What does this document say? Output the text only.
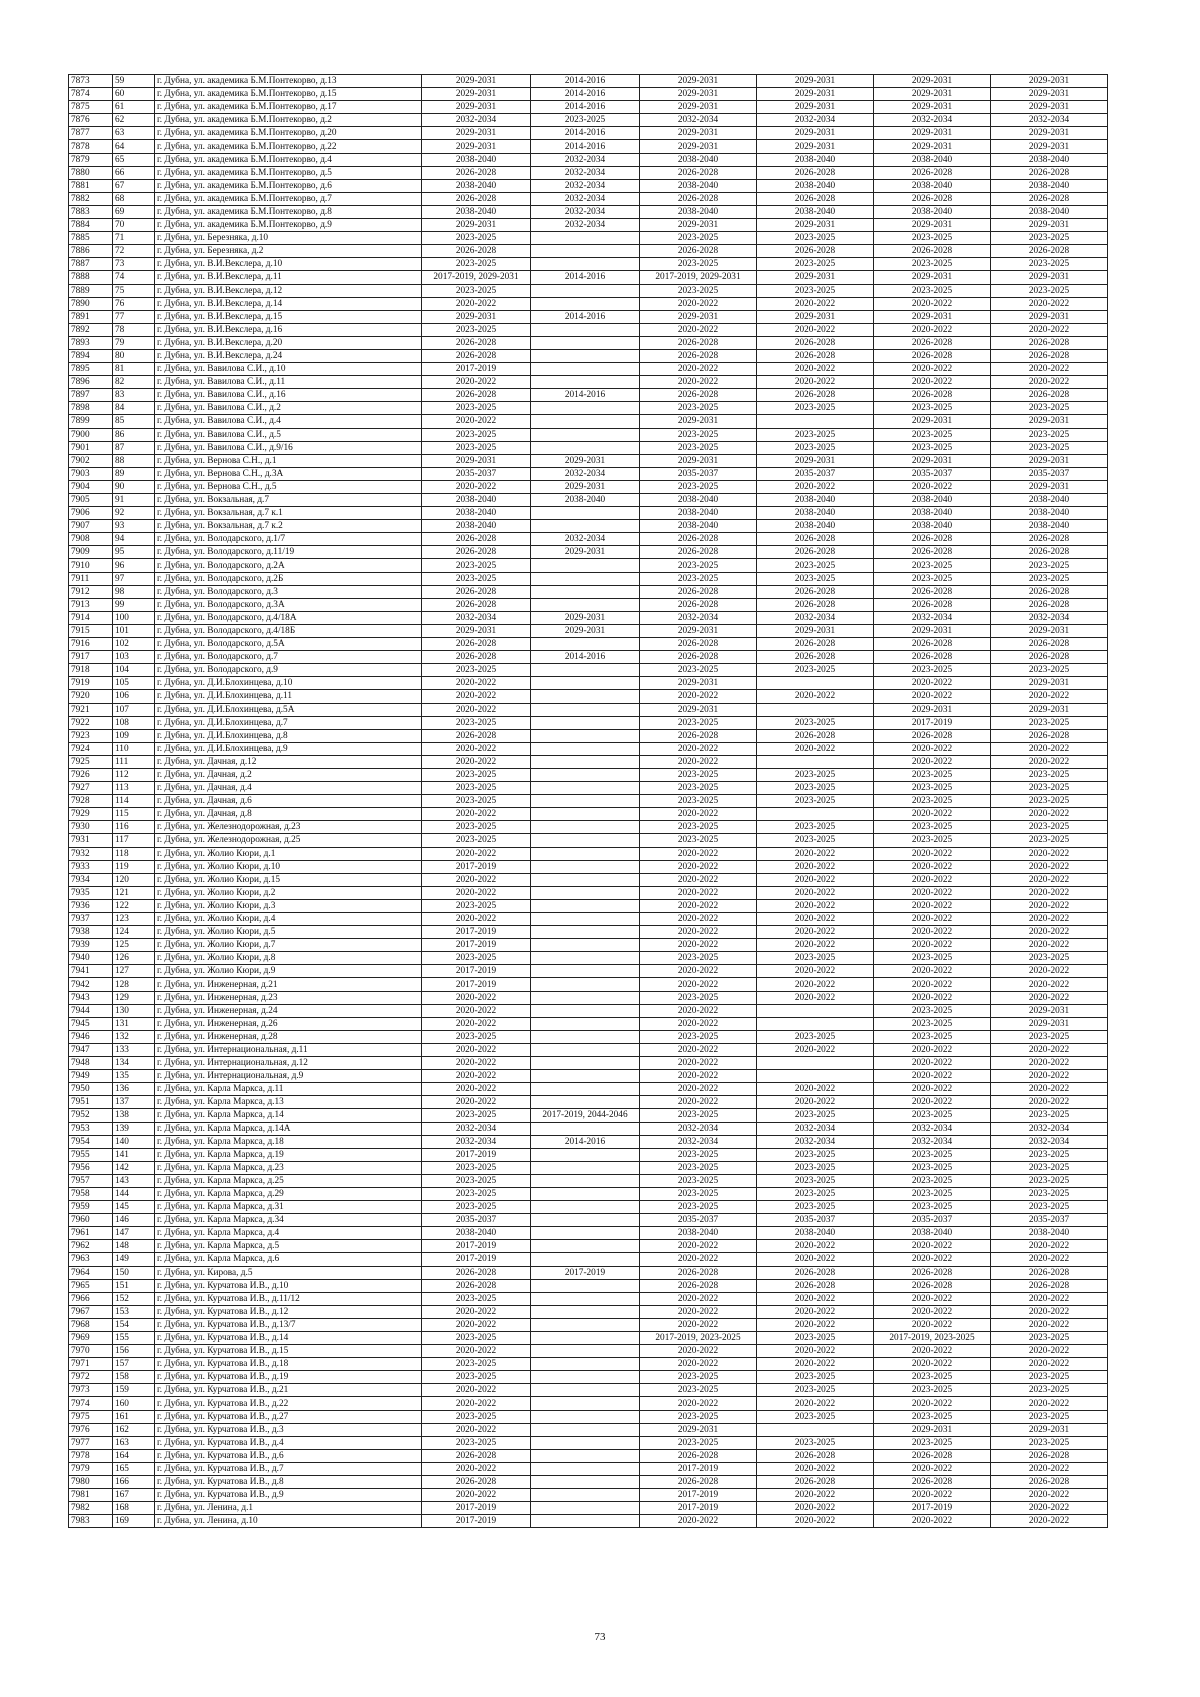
7873	59	г. Дубна, ул. академика Б.М.Понтекорво, д.13	2029-2031	2014-2016	2029-2031	2029-2031	2029-2031	2029-2031
7874	60	г. Дубна, ул. академика Б.М.Понтекорво, д.15	2029-2031	2014-2016	2029-2031	2029-2031	2029-2031	2029-2031
7875	61	г. Дубна, ул. академика Б.М.Понтекорво, д.17	2029-2031	2014-2016	2029-2031	2029-2031	2029-2031	2029-2031
7876	62	г. Дубна, ул. академика Б.М.Понтекорво, д.2	2032-2034	2023-2025	2032-2034	2032-2034	2032-2034	2032-2034
7877	63	г. Дубна, ул. академика Б.М.Понтекорво, д.20	2029-2031	2014-2016	2029-2031	2029-2031	2029-2031	2029-2031
7878	64	г. Дубна, ул. академика Б.М.Понтекорво, д.22	2029-2031	2014-2016	2029-2031	2029-2031	2029-2031	2029-2031
7879	65	г. Дубна, ул. академика Б.М.Понтекорво, д.4	2038-2040	2032-2034	2038-2040	2038-2040	2038-2040	2038-2040
7880	66	г. Дубна, ул. академика Б.М.Понтекорво, д.5	2026-2028	2032-2034	2026-2028	2026-2028	2026-2028	2026-2028
7881	67	г. Дубна, ул. академика Б.М.Понтекорво, д.6	2038-2040	2032-2034	2038-2040	2038-2040	2038-2040	2038-2040
7882	68	г. Дубна, ул. академика Б.М.Понтекорво, д.7	2026-2028	2032-2034	2026-2028	2026-2028	2026-2028	2026-2028
7883	69	г. Дубна, ул. академика Б.М.Понтекорво, д.8	2038-2040	2032-2034	2038-2040	2038-2040	2038-2040	2038-2040
7884	70	г. Дубна, ул. академика Б.М.Понтекорво, д.9	2029-2031	2032-2034	2029-2031	2029-2031	2029-2031	2029-2031
7885	71	г. Дубна, ул. Березняка, д.10	2023-2025		2023-2025	2023-2025	2023-2025	2023-2025
7886	72	г. Дубна, ул. Березняка, д.2	2026-2028		2026-2028	2026-2028	2026-2028	2026-2028
7887	73	г. Дубна, ул. В.И.Векслера, д.10	2023-2025		2023-2025	2023-2025	2023-2025	2023-2025
7888	74	г. Дубна, ул. В.И.Векслера, д.11	2017-2019, 2029-2031	2014-2016	2017-2019, 2029-2031	2029-2031	2029-2031	2029-2031
7889	75	г. Дубна, ул. В.И.Векслера, д.12	2023-2025		2023-2025	2023-2025	2023-2025	2023-2025
7890	76	г. Дубна, ул. В.И.Векслера, д.14	2020-2022		2020-2022	2020-2022	2020-2022	2020-2022
7891	77	г. Дубна, ул. В.И.Векслера, д.15	2029-2031	2014-2016	2029-2031	2029-2031	2029-2031	2029-2031
7892	78	г. Дубна, ул. В.И.Векслера, д.16	2023-2025		2020-2022	2020-2022	2020-2022	2020-2022
7893	79	г. Дубна, ул. В.И.Векслера, д.20	2026-2028		2026-2028	2026-2028	2026-2028	2026-2028
7894	80	г. Дубна, ул. В.И.Векслера, д.24	2026-2028		2026-2028	2026-2028	2026-2028	2026-2028
7895	81	г. Дубна, ул. Вавилова С.И., д.10	2017-2019		2020-2022	2020-2022	2020-2022	2020-2022
7896	82	г. Дубна, ул. Вавилова С.И., д.11	2020-2022		2020-2022	2020-2022	2020-2022	2020-2022
7897	83	г. Дубна, ул. Вавилова С.И., д.16	2026-2028	2014-2016	2026-2028	2026-2028	2026-2028	2026-2028
7898	84	г. Дубна, ул. Вавилова С.И., д.2	2023-2025		2023-2025	2023-2025	2023-2025	2023-2025
7899	85	г. Дубна, ул. Вавилова С.И., д.4	2020-2022		2029-2031		2029-2031	2029-2031
7900	86	г. Дубна, ул. Вавилова С.И., д.5	2023-2025		2023-2025	2023-2025	2023-2025	2023-2025
7901	87	г. Дубна, ул. Вавилова С.И., д.9/16	2023-2025		2023-2025	2023-2025	2023-2025	2023-2025
7902	88	г. Дубна, ул. Вернова С.Н., д.1	2029-2031	2029-2031	2029-2031	2029-2031	2029-2031	2029-2031
7903	89	г. Дубна, ул. Вернова С.Н., д.3А	2035-2037	2032-2034	2035-2037	2035-2037	2035-2037	2035-2037
7904	90	г. Дубна, ул. Вернова С.Н., д.5	2020-2022	2029-2031	2023-2025	2020-2022	2020-2022	2029-2031
7905	91	г. Дубна, ул. Вокзальная, д.7	2038-2040	2038-2040	2038-2040	2038-2040	2038-2040	2038-2040
7906	92	г. Дубна, ул. Вокзальная, д.7 к.1	2038-2040		2038-2040	2038-2040	2038-2040	2038-2040
7907	93	г. Дубна, ул. Вокзальная, д.7 к.2	2038-2040		2038-2040	2038-2040	2038-2040	2038-2040
7908	94	г. Дубна, ул. Володарского, д.1/7	2026-2028	2032-2034	2026-2028	2026-2028	2026-2028	2026-2028
7909	95	г. Дубна, ул. Володарского, д.11/19	2026-2028	2029-2031	2026-2028	2026-2028	2026-2028	2026-2028
7910	96	г. Дубна, ул. Володарского, д.2А	2023-2025		2023-2025	2023-2025	2023-2025	2023-2025
7911	97	г. Дубна, ул. Володарского, д.2Б	2023-2025		2023-2025	2023-2025	2023-2025	2023-2025
7912	98	г. Дубна, ул. Володарского, д.3	2026-2028		2026-2028	2026-2028	2026-2028	2026-2028
7913	99	г. Дубна, ул. Володарского, д.3А	2026-2028		2026-2028	2026-2028	2026-2028	2026-2028
7914	100	г. Дубна, ул. Володарского, д.4/18А	2032-2034	2029-2031	2032-2034	2032-2034	2032-2034	2032-2034
7915	101	г. Дубна, ул. Володарского, д.4/18Б	2029-2031	2029-2031	2029-2031	2029-2031	2029-2031	2029-2031
7916	102	г. Дубна, ул. Володарского, д.5А	2026-2028		2026-2028	2026-2028	2026-2028	2026-2028
7917	103	г. Дубна, ул. Володарского, д.7	2026-2028	2014-2016	2026-2028	2026-2028	2026-2028	2026-2028
7918	104	г. Дубна, ул. Володарского, д.9	2023-2025		2023-2025	2023-2025	2023-2025	2023-2025
7919	105	г. Дубна, ул. Д.И.Блохинцева, д.10	2020-2022		2029-2031		2020-2022	2029-2031
7920	106	г. Дубна, ул. Д.И.Блохинцева, д.11	2020-2022		2020-2022	2020-2022	2020-2022	2020-2022
7921	107	г. Дубна, ул. Д.И.Блохинцева, д.5А	2020-2022		2029-2031		2029-2031	2029-2031
7922	108	г. Дубна, ул. Д.И.Блохинцева, д.7	2023-2025		2023-2025	2023-2025	2017-2019	2023-2025
7923	109	г. Дубна, ул. Д.И.Блохинцева, д.8	2026-2028		2026-2028	2026-2028	2026-2028	2026-2028
7924	110	г. Дубна, ул. Д.И.Блохинцева, д.9	2020-2022		2020-2022	2020-2022	2020-2022	2020-2022
7925	111	г. Дубна, ул. Дачная, д.12	2020-2022		2020-2022		2020-2022	2020-2022
7926	112	г. Дубна, ул. Дачная, д.2	2023-2025		2023-2025	2023-2025	2023-2025	2023-2025
7927	113	г. Дубна, ул. Дачная, д.4	2023-2025		2023-2025	2023-2025	2023-2025	2023-2025
7928	114	г. Дубна, ул. Дачная, д.6	2023-2025		2023-2025	2023-2025	2023-2025	2023-2025
7929	115	г. Дубна, ул. Дачная, д.8	2020-2022		2020-2022		2020-2022	2020-2022
7930	116	г. Дубна, ул. Железнодорожная, д.23	2023-2025		2023-2025	2023-2025	2023-2025	2023-2025
7931	117	г. Дубна, ул. Железнодорожная, д.25	2023-2025		2023-2025	2023-2025	2023-2025	2023-2025
7932	118	г. Дубна, ул. Жолио Кюри, д.1	2020-2022		2020-2022	2020-2022	2020-2022	2020-2022
7933	119	г. Дубна, ул. Жолио Кюри, д.10	2017-2019		2020-2022	2020-2022	2020-2022	2020-2022
7934	120	г. Дубна, ул. Жолио Кюри, д.15	2020-2022		2020-2022	2020-2022	2020-2022	2020-2022
7935	121	г. Дубна, ул. Жолио Кюри, д.2	2020-2022		2020-2022	2020-2022	2020-2022	2020-2022
7936	122	г. Дубна, ул. Жолио Кюри, д.3	2023-2025		2020-2022	2020-2022	2020-2022	2020-2022
7937	123	г. Дубна, ул. Жолио Кюри, д.4	2020-2022		2020-2022	2020-2022	2020-2022	2020-2022
7938	124	г. Дубна, ул. Жолио Кюри, д.5	2017-2019		2020-2022	2020-2022	2020-2022	2020-2022
7939	125	г. Дубна, ул. Жолио Кюри, д.7	2017-2019		2020-2022	2020-2022	2020-2022	2020-2022
7940	126	г. Дубна, ул. Жолио Кюри, д.8	2023-2025		2023-2025	2023-2025	2023-2025	2023-2025
7941	127	г. Дубна, ул. Жолио Кюри, д.9	2017-2019		2020-2022	2020-2022	2020-2022	2020-2022
7942	128	г. Дубна, ул. Инженерная, д.21	2017-2019		2020-2022	2020-2022	2020-2022	2020-2022
7943	129	г. Дубна, ул. Инженерная, д.23	2020-2022		2023-2025	2020-2022	2020-2022	2020-2022
7944	130	г. Дубна, ул. Инженерная, д.24	2020-2022		2020-2022		2023-2025	2029-2031
7945	131	г. Дубна, ул. Инженерная, д.26	2020-2022		2020-2022		2023-2025	2029-2031
7946	132	г. Дубна, ул. Инженерная, д.28	2023-2025		2023-2025	2023-2025	2023-2025	2023-2025
7947	133	г. Дубна, ул. Интернациональная, д.11	2020-2022		2020-2022	2020-2022	2020-2022	2020-2022
7948	134	г. Дубна, ул. Интернациональная, д.12	2020-2022		2020-2022		2020-2022	2020-2022
7949	135	г. Дубна, ул. Интернациональная, д.9	2020-2022		2020-2022		2020-2022	2020-2022
7950	136	г. Дубна, ул. Карла Маркса, д.11	2020-2022		2020-2022	2020-2022	2020-2022	2020-2022
7951	137	г. Дубна, ул. Карла Маркса, д.13	2020-2022		2020-2022	2020-2022	2020-2022	2020-2022
7952	138	г. Дубна, ул. Карла Маркса, д.14	2023-2025	2017-2019, 2044-2046	2023-2025	2023-2025	2023-2025	2023-2025
7953	139	г. Дубна, ул. Карла Маркса, д.14А	2032-2034		2032-2034	2032-2034	2032-2034	2032-2034
7954	140	г. Дубна, ул. Карла Маркса, д.18	2032-2034	2014-2016	2032-2034	2032-2034	2032-2034	2032-2034
7955	141	г. Дубна, ул. Карла Маркса, д.19	2017-2019		2023-2025	2023-2025	2023-2025	2023-2025
7956	142	г. Дубна, ул. Карла Маркса, д.23	2023-2025		2023-2025	2023-2025	2023-2025	2023-2025
7957	143	г. Дубна, ул. Карла Маркса, д.25	2023-2025		2023-2025	2023-2025	2023-2025	2023-2025
7958	144	г. Дубна, ул. Карла Маркса, д.29	2023-2025		2023-2025	2023-2025	2023-2025	2023-2025
7959	145	г. Дубна, ул. Карла Маркса, д.31	2023-2025		2023-2025	2023-2025	2023-2025	2023-2025
7960	146	г. Дубна, ул. Карла Маркса, д.34	2035-2037		2035-2037	2035-2037	2035-2037	2035-2037
7961	147	г. Дубна, ул. Карла Маркса, д.4	2038-2040		2038-2040	2038-2040	2038-2040	2038-2040
7962	148	г. Дубна, ул. Карла Маркса, д.5	2017-2019		2020-2022	2020-2022	2020-2022	2020-2022
7963	149	г. Дубна, ул. Карла Маркса, д.6	2017-2019		2020-2022	2020-2022	2020-2022	2020-2022
7964	150	г. Дубна, ул. Кирова, д.5	2026-2028	2017-2019	2026-2028	2026-2028	2026-2028	2026-2028
7965	151	г. Дубна, ул. Курчатова И.В., д.10	2026-2028		2026-2028	2026-2028	2026-2028	2026-2028
7966	152	г. Дубна, ул. Курчатова И.В., д.11/12	2023-2025		2020-2022	2020-2022	2020-2022	2020-2022
7967	153	г. Дубна, ул. Курчатова И.В., д.12	2020-2022		2020-2022	2020-2022	2020-2022	2020-2022
7968	154	г. Дубна, ул. Курчатова И.В., д.13/7	2020-2022		2020-2022	2020-2022	2020-2022	2020-2022
7969	155	г. Дубна, ул. Курчатова И.В., д.14	2023-2025		2017-2019, 2023-2025	2023-2025	2017-2019, 2023-2025	2023-2025
7970	156	г. Дубна, ул. Курчатова И.В., д.15	2020-2022		2020-2022	2020-2022	2020-2022	2020-2022
7971	157	г. Дубна, ул. Курчатова И.В., д.18	2023-2025		2020-2022	2020-2022	2020-2022	2020-2022
7972	158	г. Дубна, ул. Курчатова И.В., д.19	2023-2025		2023-2025	2023-2025	2023-2025	2023-2025
7973	159	г. Дубна, ул. Курчатова И.В., д.21	2020-2022		2023-2025	2023-2025	2023-2025	2023-2025
7974	160	г. Дубна, ул. Курчатова И.В., д.22	2020-2022		2020-2022	2020-2022	2020-2022	2020-2022
7975	161	г. Дубна, ул. Курчатова И.В., д.27	2023-2025		2023-2025	2023-2025	2023-2025	2023-2025
7976	162	г. Дубна, ул. Курчатова И.В., д.3	2020-2022		2029-2031		2029-2031	2029-2031
7977	163	г. Дубна, ул. Курчатова И.В., д.4	2023-2025		2023-2025	2023-2025	2023-2025	2023-2025
7978	164	г. Дубна, ул. Курчатова И.В., д.6	2026-2028		2026-2028	2026-2028	2026-2028	2026-2028
7979	165	г. Дубна, ул. Курчатова И.В., д.7	2020-2022		2017-2019	2020-2022	2020-2022	2020-2022
7980	166	г. Дубна, ул. Курчатова И.В., д.8	2026-2028		2026-2028	2026-2028	2026-2028	2026-2028
7981	167	г. Дубна, ул. Курчатова И.В., д.9	2020-2022		2017-2019	2020-2022	2020-2022	2020-2022
7982	168	г. Дубна, ул. Ленина, д.1	2017-2019		2017-2019	2020-2022	2017-2019	2020-2022
7983	169	г. Дубна, ул. Ленина, д.10	2017-2019		2020-2022	2020-2022	2020-2022	2020-2022
73
